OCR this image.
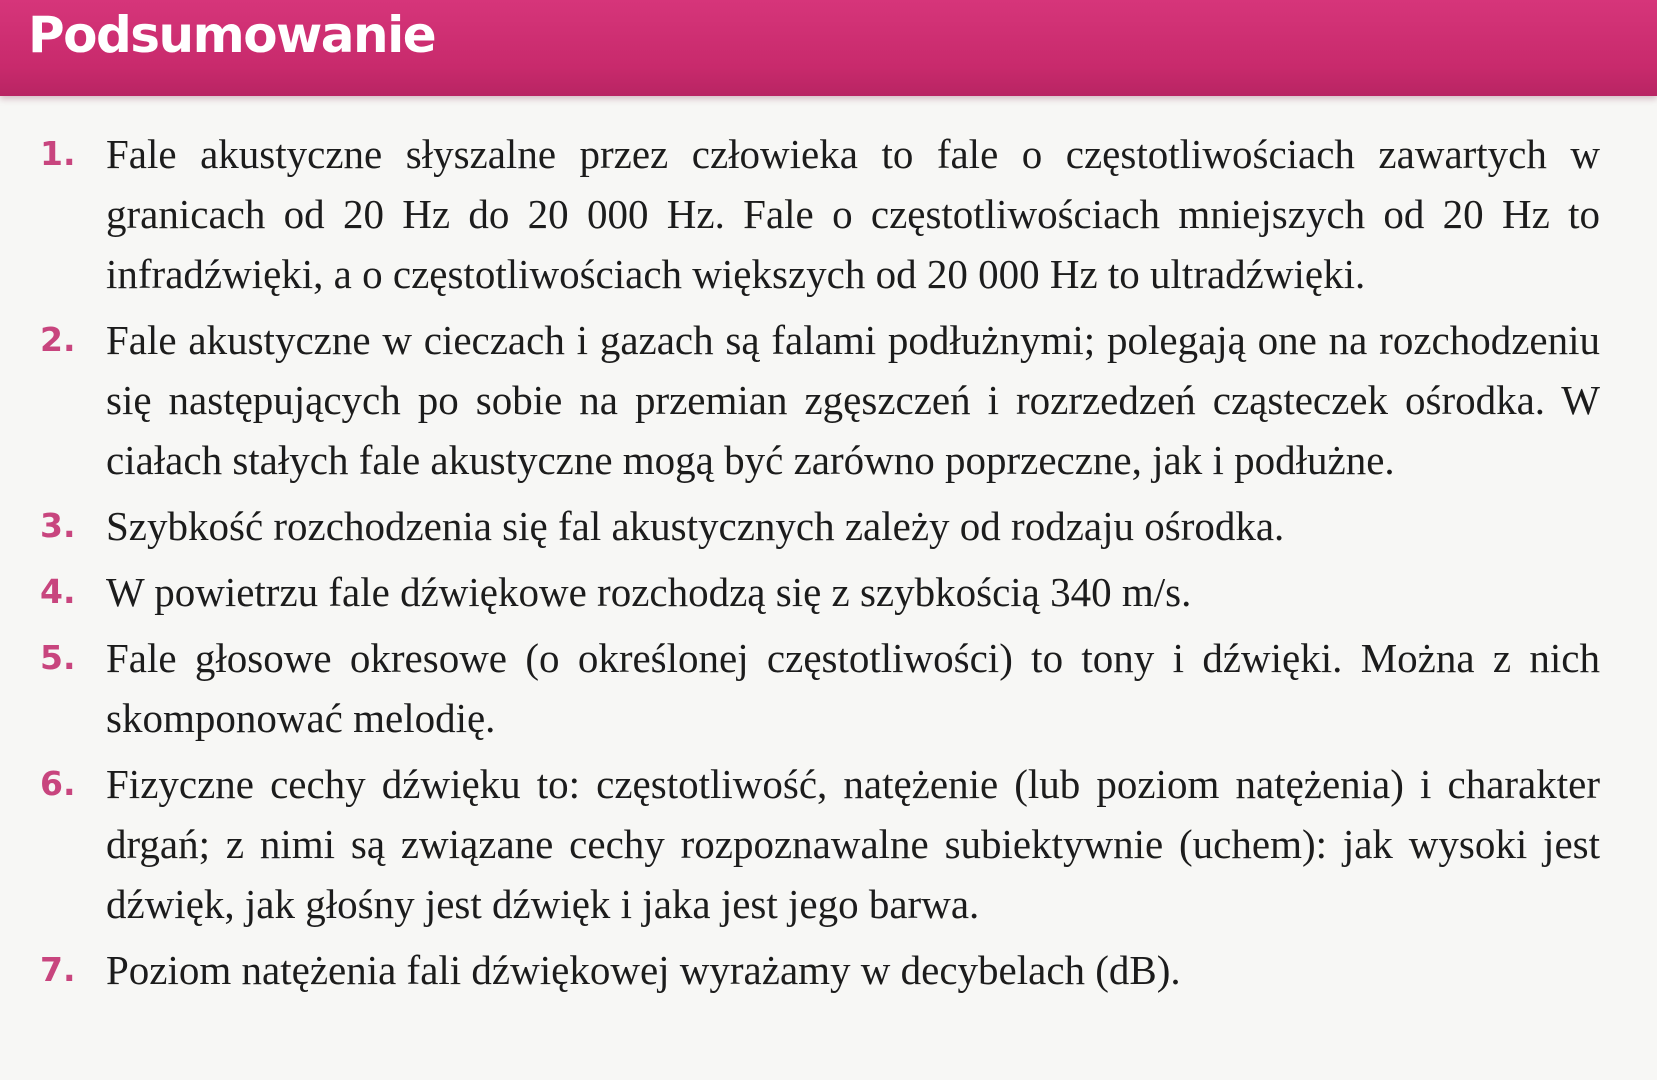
Podsumowanie
1. Fale akustyczne słyszalne przez człowieka to fale o częstotliwościach zawartych w granicach od 20 Hz do 20 000 Hz. Fale o częstotliwościach mniejszych od 20 Hz to infradźwięki, a o częstotliwościach większych od 20 000 Hz to ultradźwięki.
2. Fale akustyczne w cieczach i gazach są falami podłużnymi; polegają one na rozchodzeniu się następujących po sobie na przemian zgęszczeń i rozrzedzeń cząsteczek ośrodka. W ciałach stałych fale akustyczne mogą być zarówno poprzeczne, jak i podłużne.
3. Szybkość rozchodzenia się fal akustycznych zależy od rodzaju ośrodka.
4. W powietrzu fale dźwiękowe rozchodzą się z szybkością 340 m/s.
5. Fale głosowe okresowe (o określonej częstotliwości) to tony i dźwięki. Można z nich skomponować melodię.
6. Fizyczne cechy dźwięku to: częstotliwość, natężenie (lub poziom natężenia) i charakter drgań; z nimi są związane cechy rozpoznawalne subiektywnie (uchem): jak wysoki jest dźwięk, jak głośny jest dźwięk i jaka jest jego barwa.
7. Poziom natężenia fali dźwiękowej wyrażamy w decybelach (dB).
